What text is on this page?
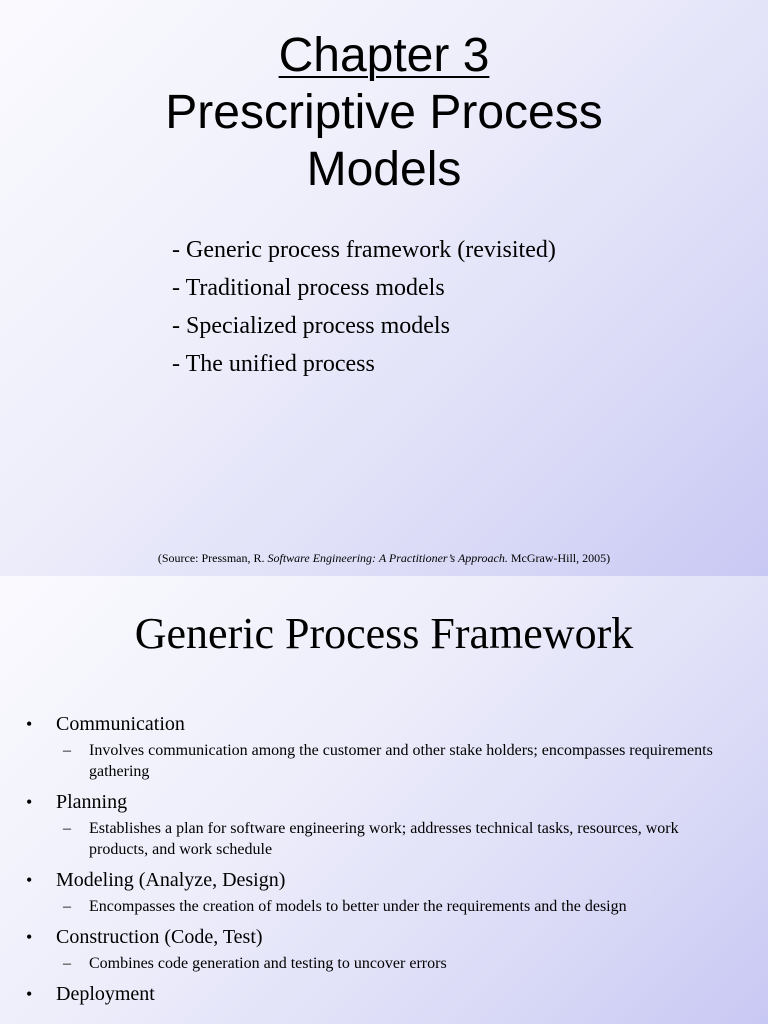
Chapter 3
Prescriptive Process
Models
- Generic process framework (revisited)
- Traditional process models
- Specialized process models
- The unified process
(Source: Pressman, R. Software Engineering: A Practitioner’s Approach. McGraw-Hill, 2005)
Generic Process Framework
• Communication
– Involves communication among the customer and other stake holders; encompasses requirements gathering
• Planning
– Establishes a plan for software engineering work; addresses technical tasks, resources, work products, and work schedule
• Modeling (Analyze, Design)
– Encompasses the creation of models to better under the requirements and the design
• Construction (Code, Test)
– Combines code generation and testing to uncover errors
• Deployment
